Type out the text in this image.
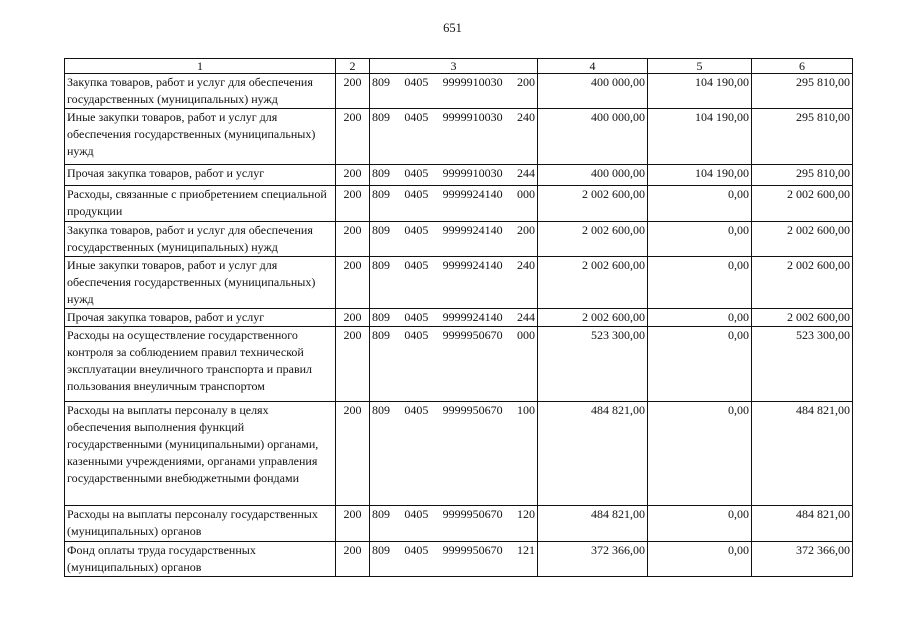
651
1	2	3	4	5	6
Закупка товаров, работ и услуг для обеспечения государственных (муниципальных) нужд	200	809 0405 9999910030 200	400 000,00	104 190,00	295 810,00
Иные закупки товаров, работ и услуг для обеспечения государственных (муниципальных) нужд	200	809 0405 9999910030 240	400 000,00	104 190,00	295 810,00
Прочая закупка товаров, работ и услуг	200	809 0405 9999910030 244	400 000,00	104 190,00	295 810,00
Расходы, связанные с приобретением специальной продукции	200	809 0405 9999924140 000	2 002 600,00	0,00	2 002 600,00
Закупка товаров, работ и услуг для обеспечения государственных (муниципальных) нужд	200	809 0405 9999924140 200	2 002 600,00	0,00	2 002 600,00
Иные закупки товаров, работ и услуг для обеспечения государственных (муниципальных) нужд	200	809 0405 9999924140 240	2 002 600,00	0,00	2 002 600,00
Прочая закупка товаров, работ и услуг	200	809 0405 9999924140 244	2 002 600,00	0,00	2 002 600,00
Расходы на осуществление государственного контроля за соблюдением правил технической эксплуатации внеуличного транспорта и правил пользования внеуличным транспортом	200	809 0405 9999950670 000	523 300,00	0,00	523 300,00
Расходы на выплаты персоналу в целях обеспечения выполнения функций государственными (муниципальными) органами, казенными учреждениями, органами управления государственными внебюджетными фондами	200	809 0405 9999950670 100	484 821,00	0,00	484 821,00
Расходы на выплаты персоналу государственных (муниципальных) органов	200	809 0405 9999950670 120	484 821,00	0,00	484 821,00
Фонд оплаты труда государственных (муниципальных) органов	200	809 0405 9999950670 121	372 366,00	0,00	372 366,00
